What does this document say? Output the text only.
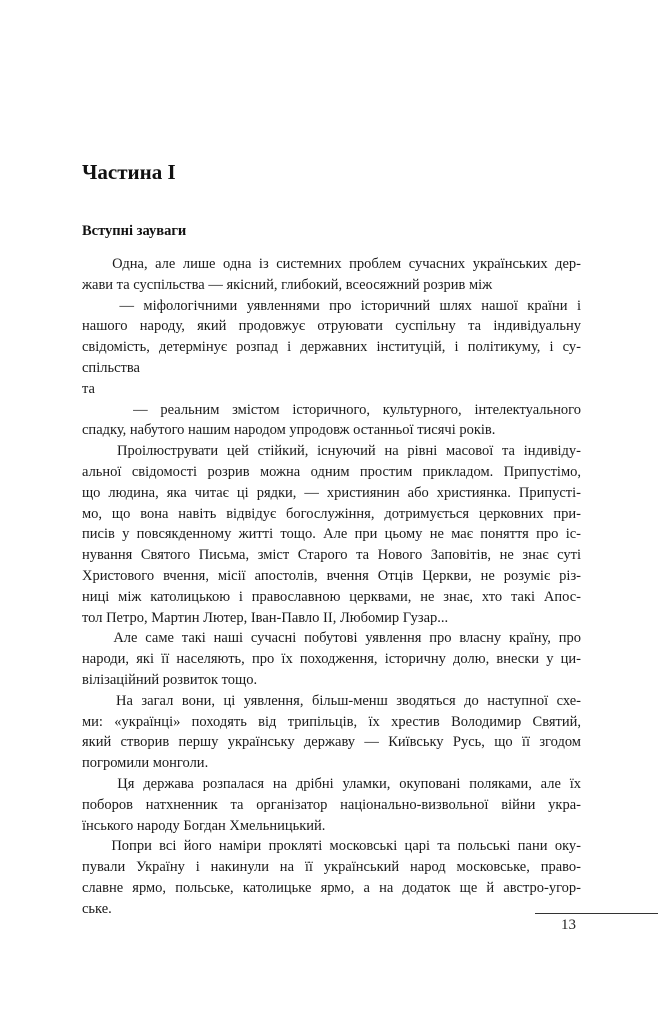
Частина I
Вступні зауваги
Одна, але лише одна із системних проблем сучасних українських дер-
жави та суспільства — якісний, глибокий, всеосяжний розрив між
— міфологічними уявленнями про історичний шлях нашої країни і
нашого народу, який продовжує отруювати суспільну та індивідуальну
свідомість, детермінує розпад і державних інституцій, і політикуму, і су-
спільства
та
— реальним змістом історичного, культурного, інтелектуального
спадку, набутого нашим народом упродовж останньої тисячі років.
Проілюструвати цей стійкий, існуючий на рівні масової та індивіду-
альної свідомості розрив можна одним простим прикладом. Припустімо,
що людина, яка читає ці рядки, — християнин або християнка. Припусті-
мо, що вона навіть відвідує богослужіння, дотримується церковних при-
писів у повсякденному житті тощо. Але при цьому не має поняття про іс-
нування Святого Письма, зміст Старого та Нового Заповітів, не знає суті
Христового вчення, місії апостолів, вчення Отців Церкви, не розуміє різ-
ниці між католицькою і православною церквами, не знає, хто такі Апос-
тол Петро, Мартин Лютер, Іван-Павло II, Любомир Гузар...
Але саме такі наші сучасні побутові уявлення про власну країну, про
народи, які її населяють, про їх походження, історичну долю, внески у ци-
вілізаційний розвиток тощо.
На загал вони, ці уявлення, більш-менш зводяться до наступної схе-
ми: «українці» походять від трипільців, їх хрестив Володимир Святий,
який створив першу українську державу — Київську Русь, що її згодом
погромили монголи.
Ця держава розпалася на дрібні уламки, окуповані поляками, але їх
поборов натхненник та організатор національно-визвольної війни укра-
їнського народу Богдан Хмельницький.
Попри всі його наміри прокляті московські царі та польські пани оку-
пували Україну і накинули на її український народ московське, право-
славне ярмо, польське, католицьке ярмо, а на додаток ще й австро-угор-
ське.
13
